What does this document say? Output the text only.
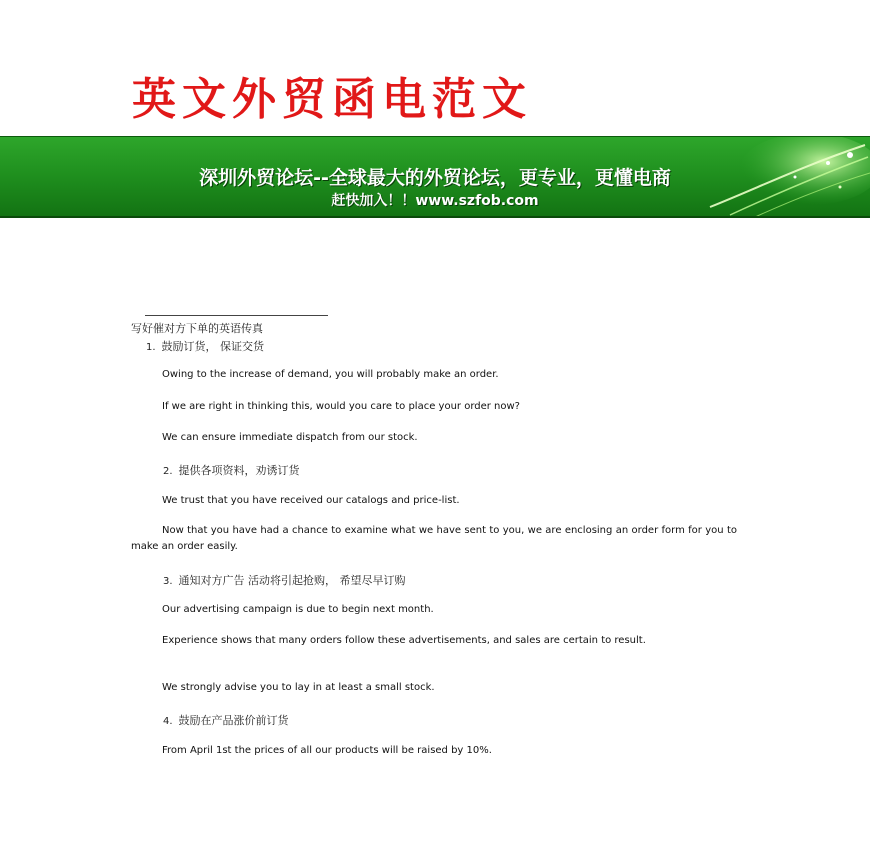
英文外贸函电范文
深圳外贸论坛--全球最大的外贸论坛，更专业，更懂电商
赶快加入！！www.szfob.com
写好催对方下单的英语传真
1. 鼓励订货， 保证交货
Owing to the increase of demand, you will probably make an order.
If we are right in thinking this, would you care to place your order now?
We can ensure immediate dispatch from our stock.
2. 提供各项资料，劝诱订货
We trust that you have received our catalogs and price-list.

Now that you have had a chance to examine what we have sent to you, we are enclosing an order form for you to make an order easily.

3. 通知对方广告 活动将引起抢购， 希望尽早订购
Our advertising campaign is due to begin next month.

Experience shows that many orders follow these advertisements, and sales are certain to result.

We strongly advise you to lay in at least a small stock.
4. 鼓励在产品涨价前订货
From April 1st the prices of all our products will be raised by 10%.
